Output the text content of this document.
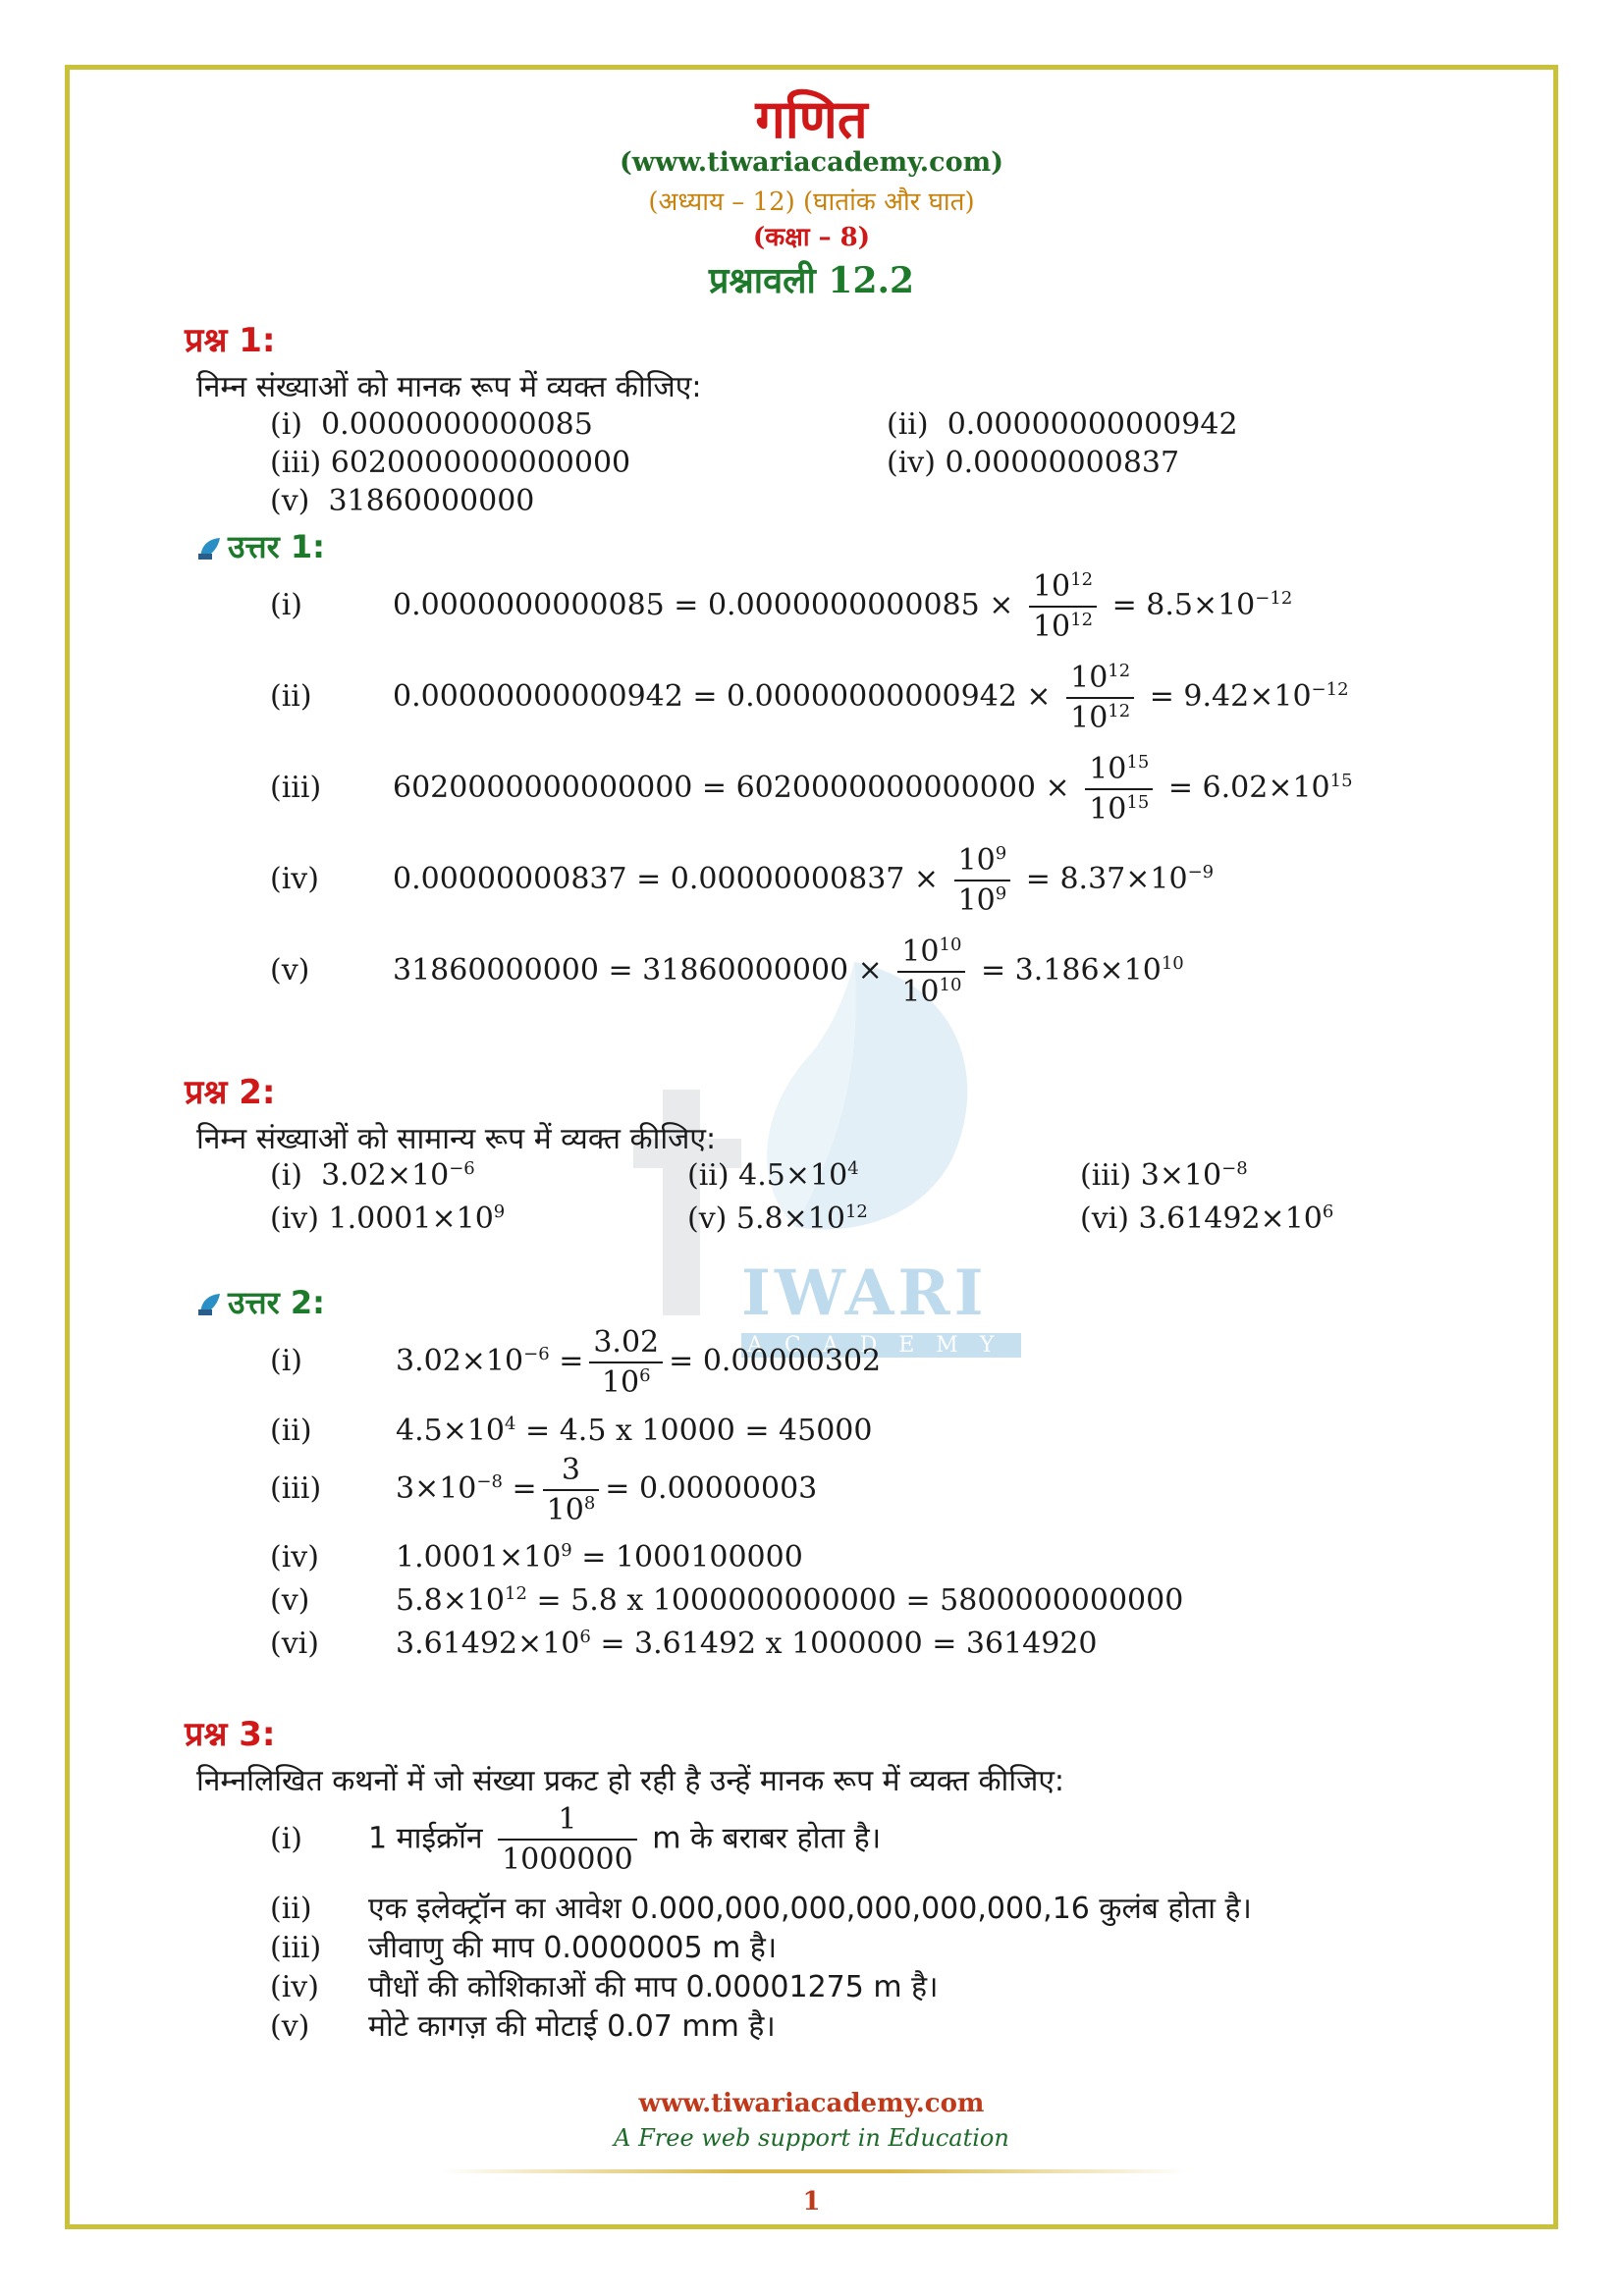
IWARI
ACADEMY
गणित
(www.tiwariacademy.com)
(अध्याय – 12) (घातांक और घात)
(कक्षा – 8)
प्रश्नावली 12.2
प्रश्न 1:
निम्न संख्याओं को मानक रूप में व्यक्त कीजिए:
(i) 0.0000000000085	(ii) 0.00000000000942
(iii) 6020000000000000	(iv) 0.00000000837
(v) 31860000000
उत्तर 1:
(i)	$0.0000000000085 = 0.0000000000085 \times \frac{10^{12}}{10^{12}} = 8.5\times 10^{-12}$
(ii)	$0.00000000000942 = 0.00000000000942 \times \frac{10^{12}}{10^{12}} = 9.42\times 10^{-12}$
(iii) $6020000000000000 = 6020000000000000 \times \frac{10^{15}}{10^{15}} = 6.02\times 10^{15}$
(iv)	$0.00000000837 = 0.00000000837 \times \frac{10^9}{10^9} = 8.37\times 10^{-9}$
(v)	$31860000000 = 31860000000 \times \frac{10^{10}}{10^{10}} = 3.186\times 10^{10}$
प्रश्न 2:
निम्न संख्याओं को सामान्य रूप में व्यक्त कीजिए:
(i) $3.02\times 10^{-6}$	(ii) $4.5\times 10^4$	(iii) $3\times 10^{-8}$
(iv) $1.0001\times 10^9$	(v) $5.8\times 10^{12}$	(vi) $3.61492\times 10^6$
उत्तर 2:
(i)	$3.02\times 10^{-6} = \frac{3.02}{10^6} = 0.00000302$
(ii)	$4.5\times 10^4 = 4.5$ x 10000 = 45000
(iii)	$3\times 10^{-8} = \frac{3}{10^8} = 0.00000003$
(iv)	$1.0001\times 10^9 = 1000100000$
(v)	$5.8\times 10^{12} = 5.8$ x 1000000000000 = 5800000000000
(vi)	$3.61492\times 10^6 = 3.61492$ x 1000000 = 3614920
प्रश्न 3:
निम्नलिखित कथनों में जो संख्या प्रकट हो रही है उन्हें मानक रूप में व्यक्त कीजिए:
(i) 1 माईक्रॉन $\frac{1}{1000000}$ m के बराबर होता है।
(ii) एक इलेक्ट्रॉन का आवेश 0.000,000,000,000,000,000,16 कुलंब होता है।
(iii) जीवाणु की माप 0.0000005 m है।
(iv) पौधों की कोशिकाओं की माप 0.00001275 m है।
(v) मोटे कागज़ की मोटाई 0.07 mm है।
www.tiwariacademy.com
A Free web support in Education
1
